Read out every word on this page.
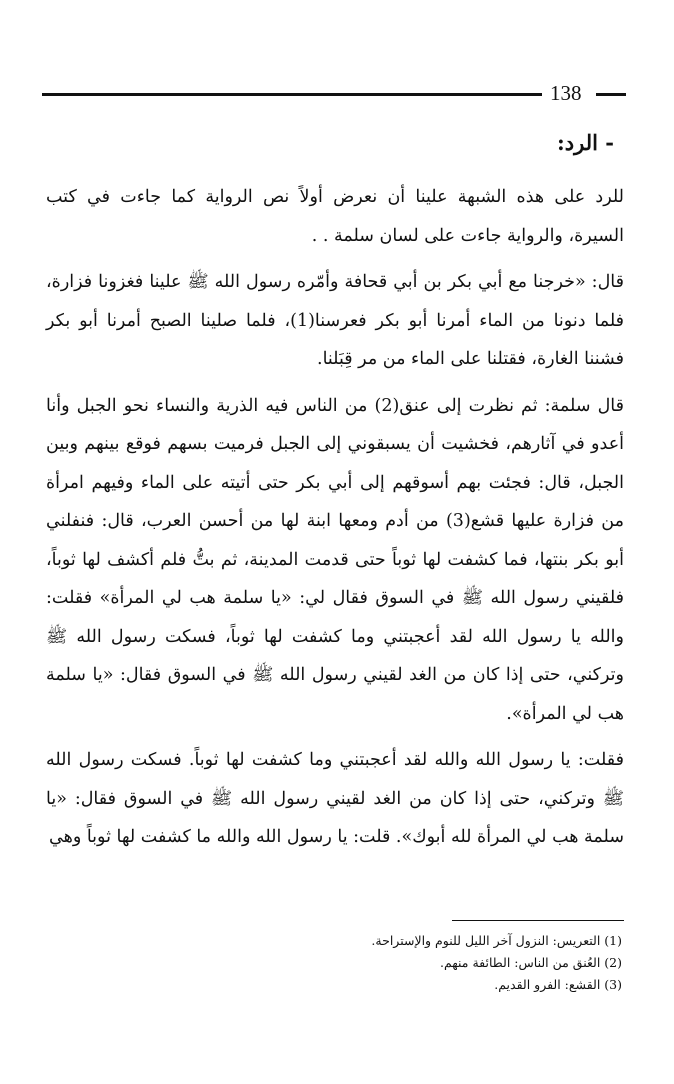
138
- الرد:

للرد على هذه الشبهة علينا أن نعرض أولاً نص الرواية كما جاءت في كتب السيرة، والرواية جاءت على لسان سلمة . .

قال: «خرجنا مع أبي بكر بن أبي قحافة وأمّره رسول الله ﷺ علينا فغزونا فزارة، فلما دنونا من الماء أمرنا أبو بكر فعرسنا(1)، فلما صلينا الصبح أمرنا أبو بكر فشننا الغارة، فقتلنا على الماء من مر قِبَلنا.

قال سلمة: ثم نظرت إلى عنق(2) من الناس فيه الذرية والنساء نحو الجبل وأنا أعدو في آثارهم، فخشيت أن يسبقوني إلى الجبل فرميت بسهم فوقع بينهم وبين الجبل، قال: فجئت بهم أسوقهم إلى أبي بكر حتى أتيته على الماء وفيهم امرأة من فزارة عليها قشع(3) من أدم ومعها ابنة لها من أحسن العرب، قال: فنفلني أبو بكر بنتها، فما كشفت لها ثوباً حتى قدمت المدينة، ثم بتُّ فلم أكشف لها ثوباً، فلقيني رسول الله ﷺ في السوق فقال لي: «يا سلمة هب لي المرأة» فقلت: والله يا رسول الله لقد أعجبتني وما كشفت لها ثوباً، فسكت رسول الله ﷺ وتركني، حتى إذا كان من الغد لقيني رسول الله ﷺ في السوق فقال: «يا سلمة هب لي المرأة».

فقلت: يا رسول الله والله لقد أعجبتني وما كشفت لها ثوباً. فسكت رسول الله ﷺ وتركني، حتى إذا كان من الغد لقيني رسول الله ﷺ في السوق فقال: «يا سلمة هب لي المرأة لله أبوك». قلت: يا رسول الله والله ما كشفت لها ثوباً وهي

(1) التعريس: النزول آخر الليل للنوم والإستراحة.

(2) العُنق من الناس: الطائفة منهم.

(3) القشع: الفرو القديم.
